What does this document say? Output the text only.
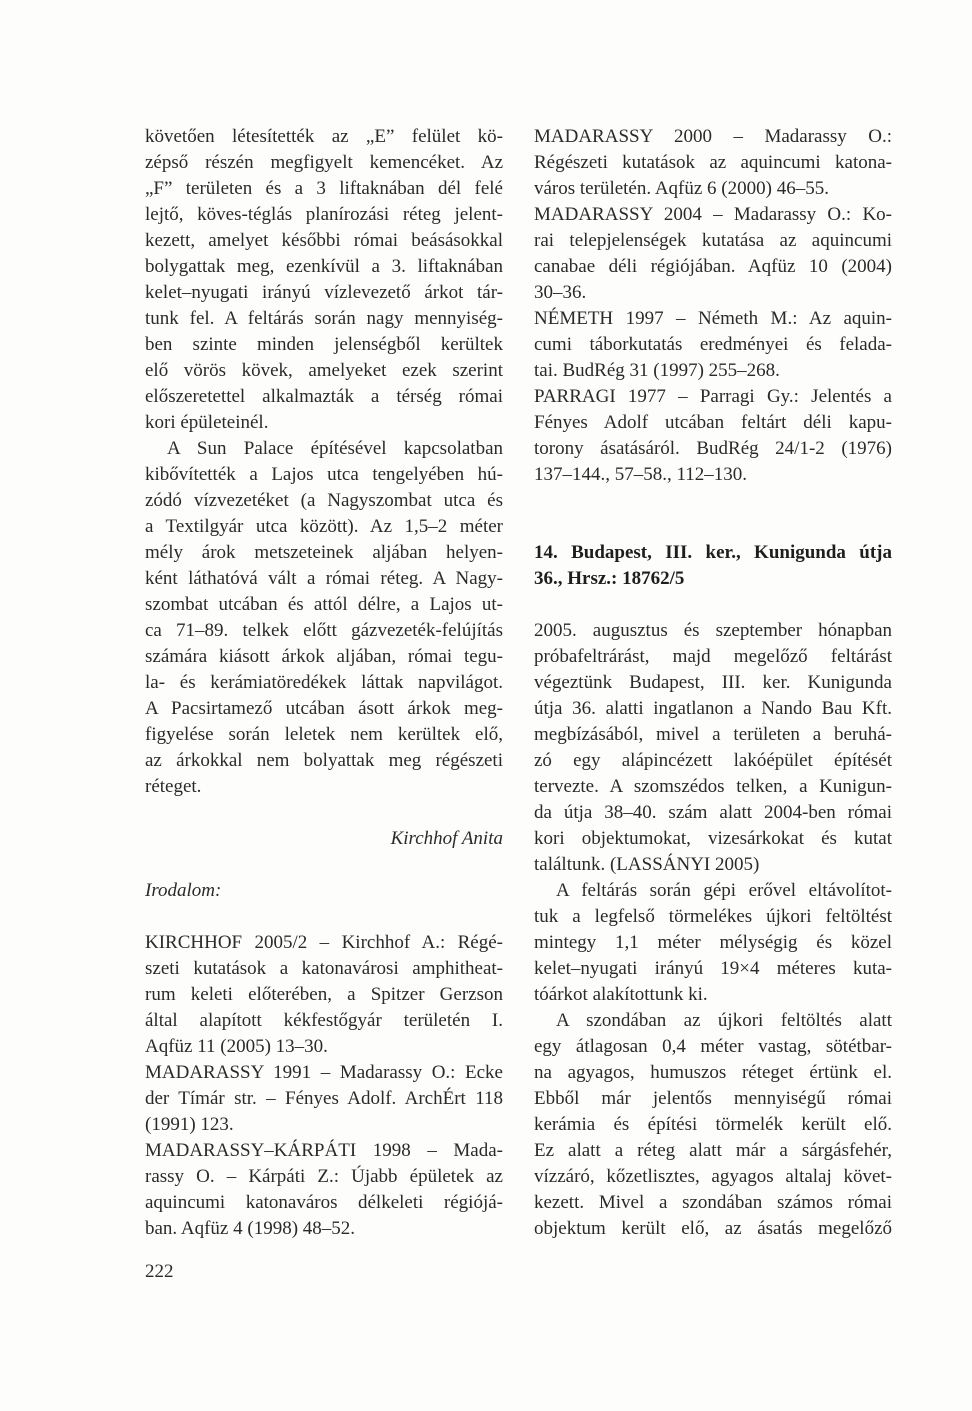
követően létesítették az „E” felület kö-
zépső részén megfigyelt kemencéket. Az
„F” területen és a 3 liftaknában dél felé
lejtő, köves-téglás planírozási réteg jelent-
kezett, amelyet későbbi római beásásokkal
bolygattak meg, ezenkívül a 3. liftaknában
kelet–nyugati irányú vízlevezető árkot tár-
tunk fel. A feltárás során nagy mennyiség-
ben szinte minden jelenségből kerültek
elő vörös kövek, amelyeket ezek szerint
előszeretettel alkalmazták a térség római
kori épületeinél.
A Sun Palace építésével kapcsolatban
kibővítették a Lajos utca tengelyében hú-
zódó vízvezetéket (a Nagyszombat utca és
a Textilgyár utca között). Az 1,5–2 méter
mély árok metszeteinek aljában helyen-
ként láthatóvá vált a római réteg. A Nagy-
szombat utcában és attól délre, a Lajos ut-
ca 71–89. telkek előtt gázvezeték-felújítás
számára kiásott árkok aljában, római tegu-
la- és kerámiatöredékek láttak napvilágot.
A Pacsirtamező utcában ásott árkok meg-
figyelése során leletek nem kerültek elő,
az árkokkal nem bolyattak meg régészeti
réteget.
Kirchhof Anita
Irodalom:
KIRCHHOF 2005/2 – Kirchhof A.: Régé-
szeti kutatások a katonavárosi amphitheat-
rum keleti előterében, a Spitzer Gerzson
által alapított kékfestőgyár területén I.
Aqfüz 11 (2005) 13–30.
MADARASSY 1991 – Madarassy O.: Ecke
der Tímár str. – Fényes Adolf. ArchÉrt 118
(1991) 123.
MADARASSY–KÁRPÁTI 1998 – Mada-
rassy O. – Kárpáti Z.: Újabb épületek az
aquincumi katonaváros délkeleti régiójá-
ban. Aqfüz 4 (1998) 48–52.
MADARASSY 2000 – Madarassy O.:
Régészeti kutatások az aquincumi katona-
város területén. Aqfüz 6 (2000) 46–55.
MADARASSY 2004 – Madarassy O.: Ko-
rai telepjelenségek kutatása az aquincumi
canabae déli régiójában. Aqfüz 10 (2004)
30–36.
NÉMETH 1997 – Németh M.: Az aquin-
cumi táborkutatás eredményei és felada-
tai. BudRég 31 (1997) 255–268.
PARRAGI 1977 – Parragi Gy.: Jelentés a
Fényes Adolf utcában feltárt déli kapu-
torony ásatásáról. BudRég 24/1-2 (1976)
137–144., 57–58., 112–130.
14. Budapest, III. ker., Kunigunda útja
36., Hrsz.: 18762/5
2005. augusztus és szeptember hónapban
próbafeltrárást, majd megelőző feltárást
végeztünk Budapest, III. ker. Kunigunda
útja 36. alatti ingatlanon a Nando Bau Kft.
megbízásából, mivel a területen a beruhá-
zó egy alápincézett lakóépület építését
tervezte. A szomszédos telken, a Kunigun-
da útja 38–40. szám alatt 2004-ben római
kori objektumokat, vizesárkokat és kutat
találtunk. (LASSÁNYI 2005)
A feltárás során gépi erővel eltávolítot-
tuk a legfelső törmelékes újkori feltöltést
mintegy 1,1 méter mélységig és közel
kelet–nyugati irányú 19×4 méteres kuta-
tóárkot alakítottunk ki.
A szondában az újkori feltöltés alatt
egy átlagosan 0,4 méter vastag, sötétbar-
na agyagos, humuszos réteget értünk el.
Ebből már jelentős mennyiségű római
kerámia és építési törmelék került elő.
Ez alatt a réteg alatt már a sárgásfehér,
vízzáró, kőzetlisztes, agyagos altalaj követ-
kezett. Mivel a szondában számos római
objektum került elő, az ásatás megelőző
222
